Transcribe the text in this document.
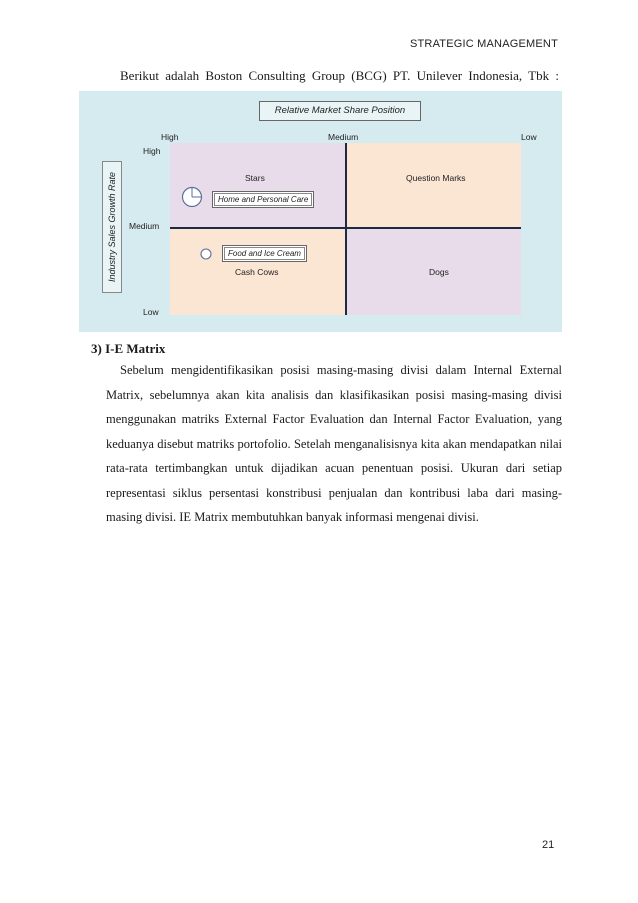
STRATEGIC MANAGEMENT
Berikut adalah Boston Consulting Group (BCG) PT. Unilever Indonesia, Tbk :
Relative Market Share Position
Industry Sales Growth Rate
High	Medium	Low
High
Medium
Low
Stars	Question Marks
Cash Cows	Dogs
Home and Personal Care
Food and Ice Cream
3) I-E Matrix

Sebelum mengidentifikasikan posisi masing-masing divisi dalam Internal External Matrix, sebelumnya akan kita analisis dan klasifikasikan posisi masing-masing divisi menggunakan matriks External Factor Evaluation dan Internal Factor Evaluation, yang keduanya disebut matriks portofolio. Setelah menganalisisnya kita akan mendapatkan nilai rata-rata tertimbangkan untuk dijadikan acuan penentuan posisi. Ukuran dari setiap representasi siklus persentasi konstribusi penjualan dan kontribusi laba dari masing-masing divisi. IE Matrix membutuhkan banyak informasi mengenai divisi.

21
